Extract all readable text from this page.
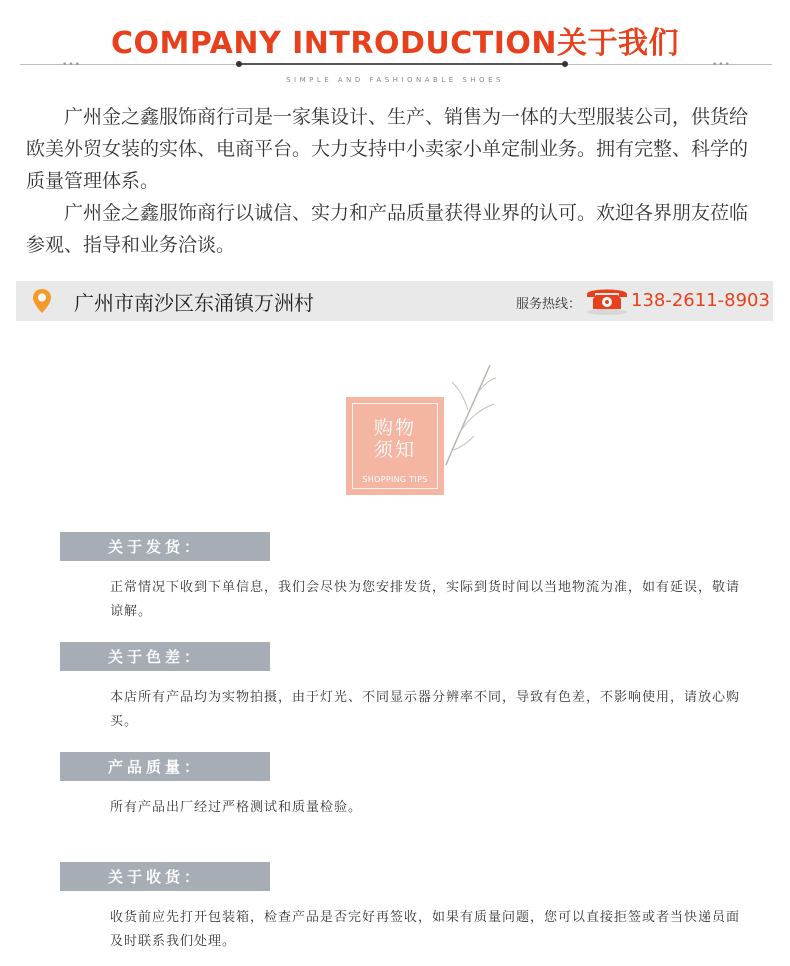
COMPANY INTRODUCTION关于我们
•••	•••
SIMPLE AND FASHIONABLE SHOES

广州金之鑫服饰商行司是一家集设计、生产、销售为一体的大型服装公司，供货给欧美外贸女装的实体、电商平台。大力支持中小卖家小单定制业务。拥有完整、科学的质量管理体系。

广州金之鑫服饰商行以诚信、实力和产品质量获得业界的认可。欢迎各界朋友莅临参观、指导和业务洽谈。

广州市南沙区东涌镇万洲村	服务热线：	138-2611-8903
购物
须知
SHOPPING TIPS
关于发货：
正常情况下收到下单信息，我们会尽快为您安排发货，实际到货时间以当地物流为准，如有延误，敬请谅解。
关于色差：
本店所有产品均为实物拍摄，由于灯光、不同显示器分辨率不同，导致有色差，不影响使用，请放心购买。
产品质量：
所有产品出厂经过严格测试和质量检验。
关于收货：
收货前应先打开包装箱，检查产品是否完好再签收，如果有质量问题，您可以直接拒签或者当快递员面及时联系我们处理。
